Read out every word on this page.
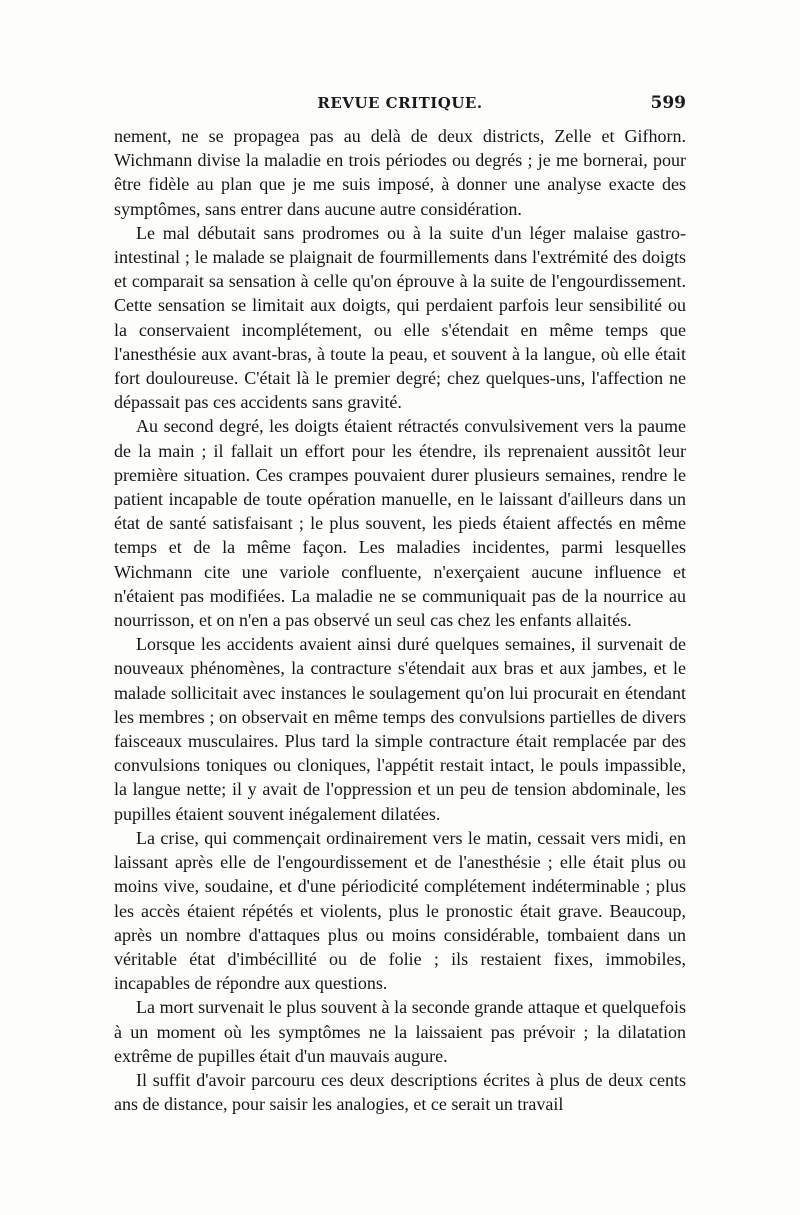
REVUE CRITIQUE.	599

nement, ne se propagea pas au delà de deux districts, Zelle et Gifhorn. Wichmann divise la maladie en trois périodes ou degrés ; je me bornerai, pour être fidèle au plan que je me suis imposé, à donner une analyse exacte des symptômes, sans entrer dans aucune autre considération.

Le mal débutait sans prodromes ou à la suite d'un léger malaise gastro-intestinal ; le malade se plaignait de fourmillements dans l'extrémité des doigts et comparait sa sensation à celle qu'on éprouve à la suite de l'engourdissement. Cette sensation se limitait aux doigts, qui perdaient parfois leur sensibilité ou la conservaient incomplétement, ou elle s'étendait en même temps que l'anesthésie aux avant-bras, à toute la peau, et souvent à la langue, où elle était fort douloureuse. C'était là le premier degré; chez quelques-uns, l'affection ne dépassait pas ces accidents sans gravité.

Au second degré, les doigts étaient rétractés convulsivement vers la paume de la main ; il fallait un effort pour les étendre, ils reprenaient aussitôt leur première situation. Ces crampes pouvaient durer plusieurs semaines, rendre le patient incapable de toute opération manuelle, en le laissant d'ailleurs dans un état de santé satisfaisant ; le plus souvent, les pieds étaient affectés en même temps et de la même façon. Les maladies incidentes, parmi lesquelles Wichmann cite une variole confluente, n'exerçaient aucune influence et n'étaient pas modifiées. La maladie ne se communiquait pas de la nourrice au nourrisson, et on n'en a pas observé un seul cas chez les enfants allaités.

Lorsque les accidents avaient ainsi duré quelques semaines, il survenait de nouveaux phénomènes, la contracture s'étendait aux bras et aux jambes, et le malade sollicitait avec instances le soulagement qu'on lui procurait en étendant les membres ; on observait en même temps des convulsions partielles de divers faisceaux musculaires. Plus tard la simple contracture était remplacée par des convulsions toniques ou cloniques, l'appétit restait intact, le pouls impassible, la langue nette; il y avait de l'oppression et un peu de tension abdominale, les pupilles étaient souvent inégalement dilatées.

La crise, qui commençait ordinairement vers le matin, cessait vers midi, en laissant après elle de l'engourdissement et de l'anesthésie ; elle était plus ou moins vive, soudaine, et d'une périodicité complétement indéterminable ; plus les accès étaient répétés et violents, plus le pronostic était grave. Beaucoup, après un nombre d'attaques plus ou moins considérable, tombaient dans un véritable état d'imbécillité ou de folie ; ils restaient fixes, immobiles, incapables de répondre aux questions.

La mort survenait le plus souvent à la seconde grande attaque et quelquefois à un moment où les symptômes ne la laissaient pas prévoir ; la dilatation extrême de pupilles était d'un mauvais augure.

Il suffit d'avoir parcouru ces deux descriptions écrites à plus de deux cents ans de distance, pour saisir les analogies, et ce serait un travail
